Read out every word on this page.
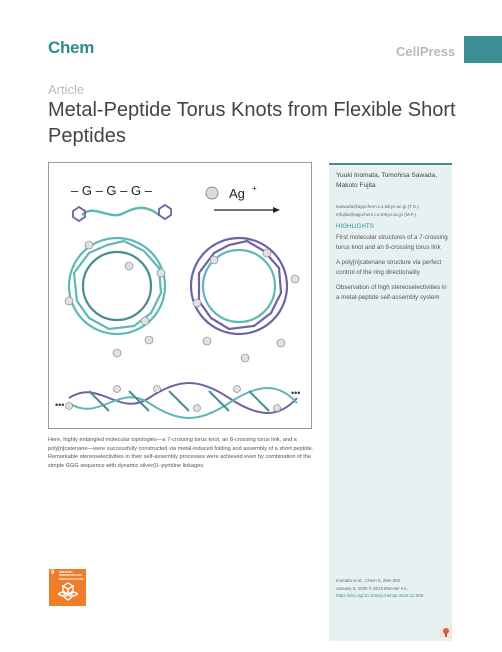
Chem	CellPress
Article
Metal-Peptide Torus Knots from Flexible Short Peptides
– G – G – G –	Ag +
•••
•••
Here, highly entangled molecular topologies—a 7-crossing torus knot, an 8-crossing torus link, and a poly[n]catenane—were successfully constructed via metal-induced folding and assembly of a short peptide. Remarkable stereoselectivities in their self-assembly processes were achieved even by combination of the simple GGG sequence with dynamic silver(I)–pyridine linkages.
Yuuki Inomata, Tomohisa Sawada, Makoto Fujita
tsawada@appchem.t.u-tokyo.ac.jp (T.S.)
mfujita@appchem.t.u-tokyo.ac.jp (M.F.)
HIGHLIGHTS
First molecular structures of a 7-crossing torus knot and an 8-crossing torus link
A poly[n]catenane structure via perfect control of the ring directionality
Observation of high stereoselectivities in a metal-peptide self-assembly system
Inomata et al., Chem 6, 294–303
January 9, 2020 © 2019 Elsevier Inc.
https://doi.org/10.1016/j.chempr.2019.12.009
9 INDUSTRY, INNOVATION AND INFRASTRUCTURE
